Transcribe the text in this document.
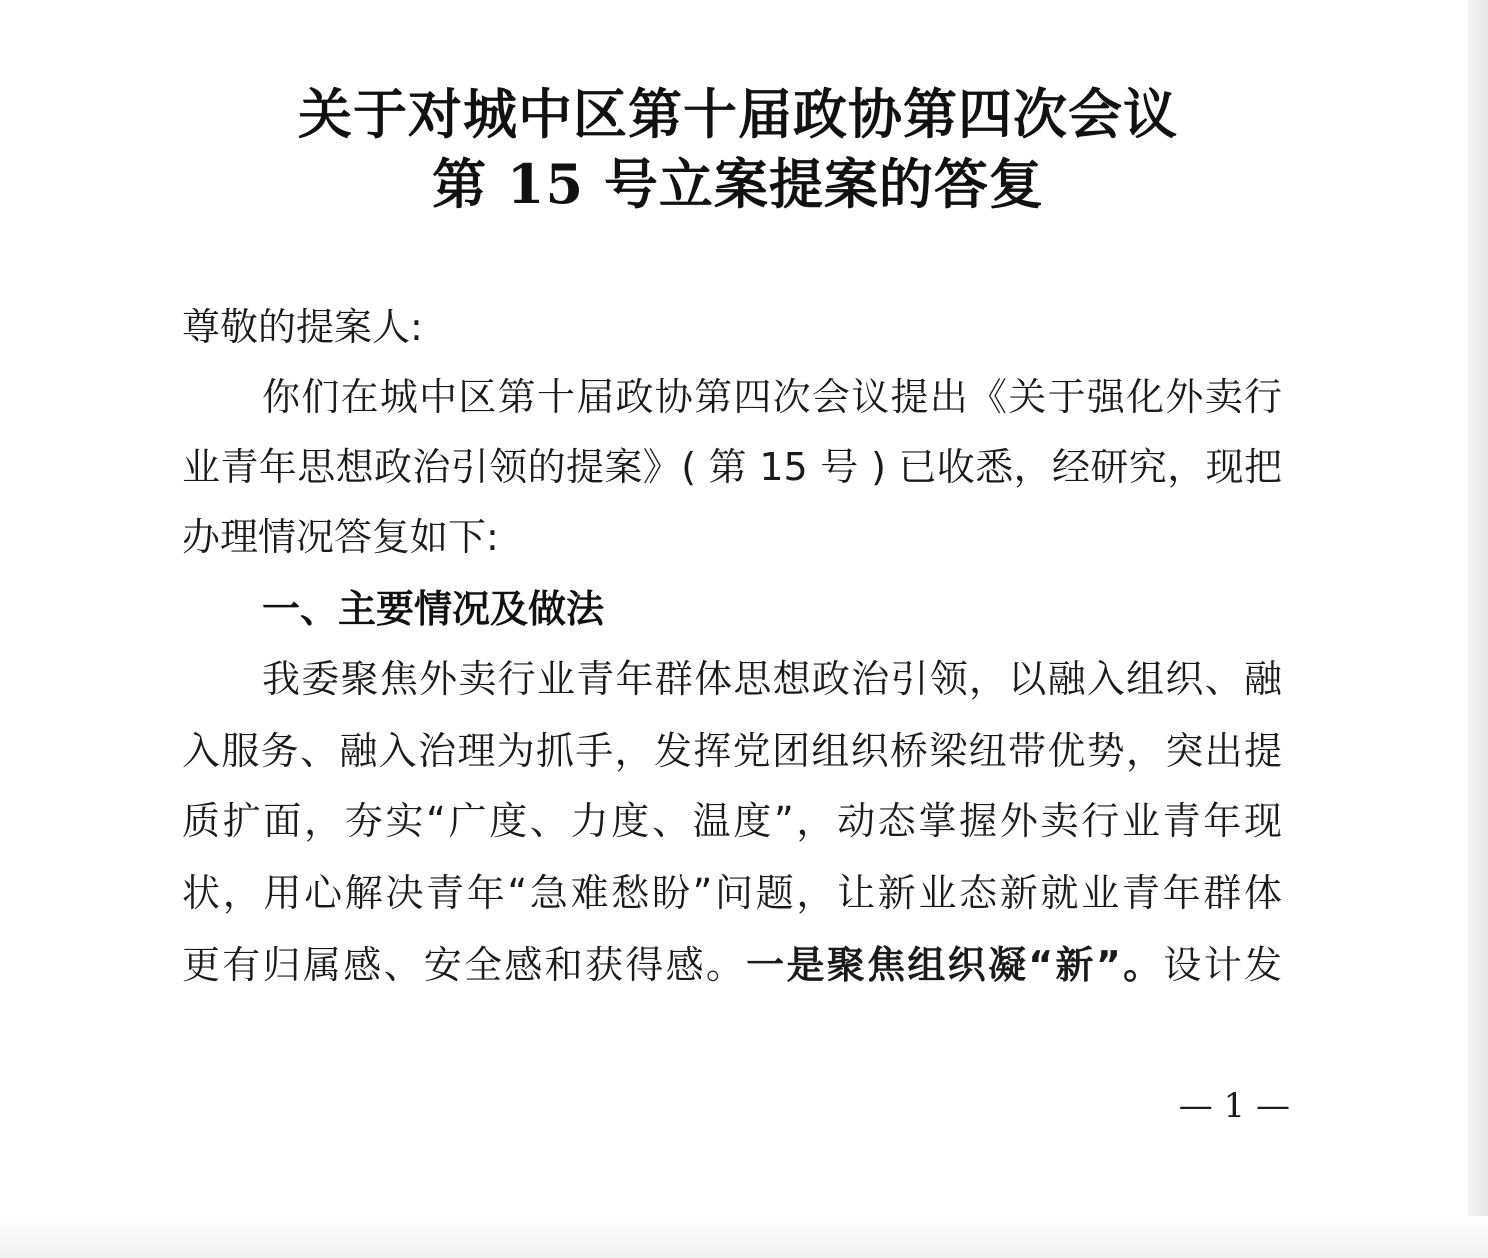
关于对城中区第十届政协第四次会议
第 15 号立案提案的答复
尊敬的提案人:
你们在城中区第十届政协第四次会议提出《关于强化外卖行
业青年思想政治引领的提案》( 第 15 号 ) 已收悉，经研究，现把
办理情况答复如下:
一、主要情况及做法
我委聚焦外卖行业青年群体思想政治引领，以融入组织、融
入服务、融入治理为抓手，发挥党团组织桥梁纽带优势，突出提
质扩面，夯实“广度、力度、温度”，动态掌握外卖行业青年现
状，用心解决青年“急难愁盼”问题，让新业态新就业青年群体
更有归属感、安全感和获得感。一是聚焦组织凝“新”。设计发
— 1 —
